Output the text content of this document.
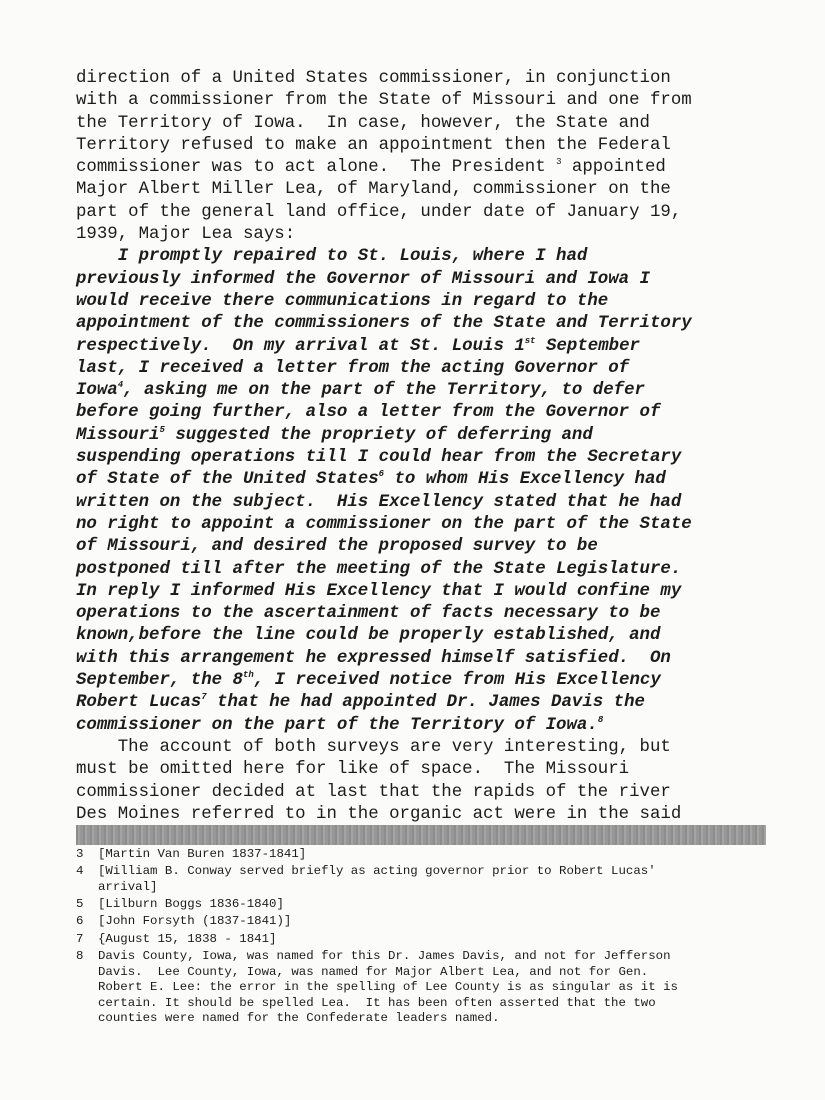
direction of a United States commissioner, in conjunction
with a commissioner from the State of Missouri and one from
the Territory of Iowa.  In case, however, the State and
Territory refused to make an appointment then the Federal
commissioner was to act alone.  The President $^3$ appointed
Major Albert Miller Lea, of Maryland, commissioner on the
part of the general land office, under date of January 19,
1939, Major Lea says:
I promptly repaired to St. Louis, where I had
previously informed the Governor of Missouri and Iowa I
would receive there communications in regard to the
appointment of the commissioners of the State and Territory
respectively.  On my arrival at St. Louis 1st September
last, I received a letter from the acting Governor of
Iowa$^4$, asking me on the part of the Territory, to defer
before going further, also a letter from the Governor of
Missouri$^5$ suggested the propriety of deferring and
suspending operations till I could hear from the Secretary
of State of the United States$^6$ to whom His Excellency had
written on the subject.  His Excellency stated that he had
no right to appoint a commissioner on the part of the State
of Missouri, and desired the proposed survey to be
postponed till after the meeting of the State Legislature.
In reply I informed His Excellency that I would confine my
operations to the ascertainment of facts necessary to be
known,before the line could be properly established, and
with this arrangement he expressed himself satisfied.  On
September, the 8th, I received notice from His Excellency
Robert Lucas$^7$ that he had appointed Dr. James Davis the
commissioner on the part of the Territory of Iowa.$^8$
The account of both surveys are very interesting, but
must be omitted here for like of space.  The Missouri
commissioner decided at last that the rapids of the river
Des Moines referred to in the organic act were in the said
3	[Martin Van Buren 1837-1841]
4	[William B. Conway served briefly as acting governor prior to Robert Lucas'
arrival]
5	[Lilburn Boggs 1836-1840]
6	[John Forsyth (1837-1841)]
7	{August 15, 1838 - 1841]
8	Davis County, Iowa, was named for this Dr. James Davis, and not for Jefferson
Davis.  Lee County, Iowa, was named for Major Albert Lea, and not for Gen.
Robert E. Lee: the error in the spelling of Lee County is as singular as it is
certain. It should be spelled Lea.  It has been often asserted that the two
counties were named for the Confederate leaders named.
